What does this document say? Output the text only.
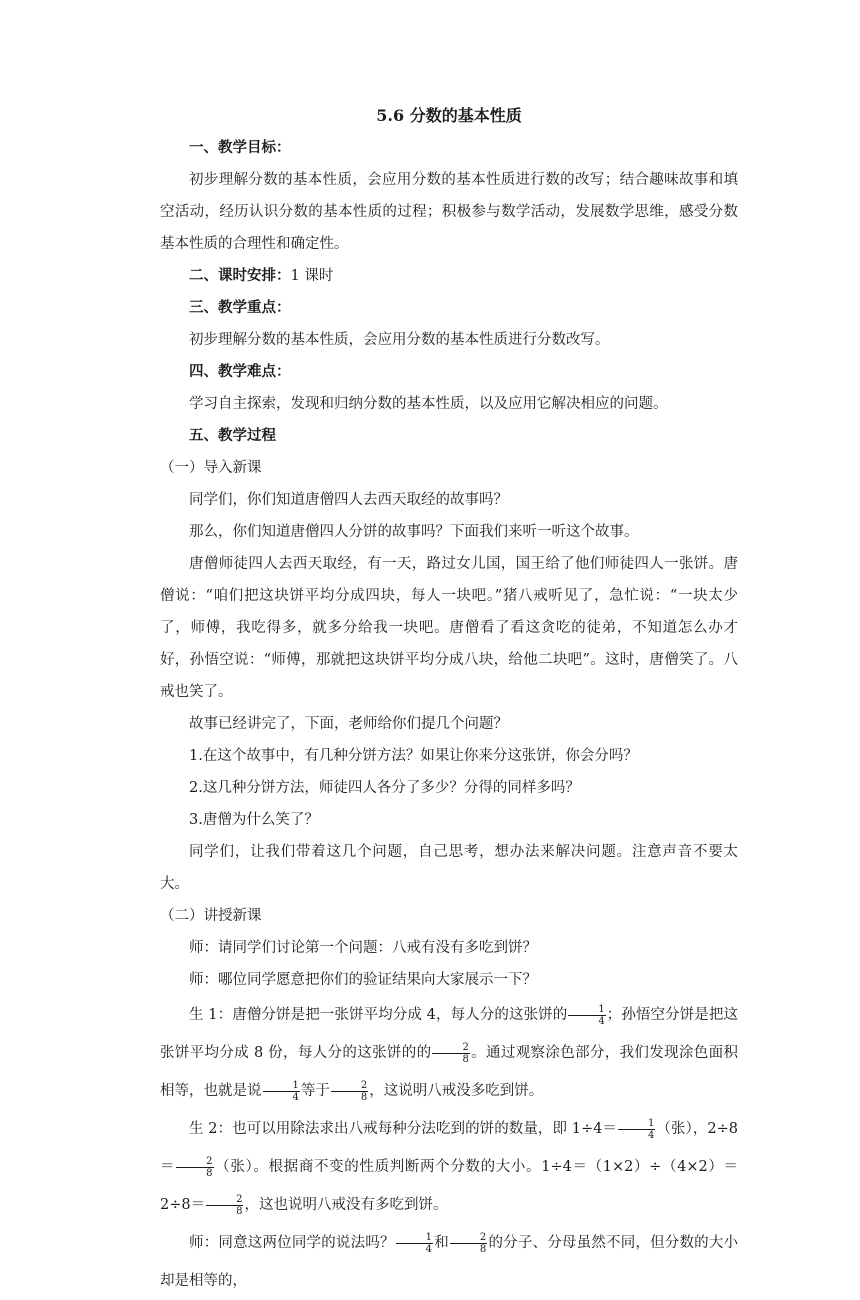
5.6 分数的基本性质

一、教学目标：

初步理解分数的基本性质，会应用分数的基本性质进行数的改写；结合趣味故事和填空活动，经历认识分数的基本性质的过程；积极参与数学活动，发展数学思维，感受分数基本性质的合理性和确定性。

二、课时安排：1 课时

三、教学重点：

初步理解分数的基本性质，会应用分数的基本性质进行分数改写。

四、教学难点：

学习自主探索，发现和归纳分数的基本性质，以及应用它解决相应的问题。

五、教学过程

（一）导入新课

同学们，你们知道唐僧四人去西天取经的故事吗？

那么，你们知道唐僧四人分饼的故事吗？下面我们来听一听这个故事。

唐僧师徒四人去西天取经，有一天，路过女儿国，国王给了他们师徒四人一张饼。唐僧说：“咱们把这块饼平均分成四块，每人一块吧。”猪八戒听见了，急忙说：“一块太少了，师傅，我吃得多，就多分给我一块吧。唐僧看了看这贪吃的徒弟，不知道怎么办才好，孙悟空说：“师傅，那就把这块饼平均分成八块，给他二块吧”。这时，唐僧笑了。八戒也笑了。

故事已经讲完了，下面，老师给你们提几个问题？

1.在这个故事中，有几种分饼方法？如果让你来分这张饼，你会分吗？

2.这几种分饼方法，师徒四人各分了多少？分得的同样多吗？

3.唐僧为什么笑了？

同学们，让我们带着这几个问题，自己思考，想办法来解决问题。注意声音不要太大。

（二）讲授新课

师：请同学们讨论第一个问题：八戒有没有多吃到饼？

师：哪位同学愿意把你们的验证结果向大家展示一下？

生 1：唐僧分饼是把一张饼平均分成 4，每人分的这张饼的 $\frac{1}{4}$ ；孙悟空分饼是把这张饼平均分成 8 份，每人分的这张饼的的 $\frac{2}{8}$ 。通过观察涂色部分，我们发现涂色面积相等，也就是说 $\frac{1}{4}$ 等于 $\frac{2}{8}$ ，这说明八戒没多吃到饼。

生 2：也可以用除法求出八戒每种分法吃到的饼的数量，即 $1\div 4= \frac{1}{4}$ （张），$2\div 8= \frac{2}{8}$ （张）。根据商不变的性质判断两个分数的大小。$1\div 4=(1\times 2)\div(4\times 2)=2\div 8= \frac{2}{8}$ ，这也说明八戒没有多吃到饼。

师：同意这两位同学的说法吗？ $\frac{1}{4}$ 和 $\frac{2}{8}$ 的分子、分母虽然不同，但分数的大小却是相等的，
